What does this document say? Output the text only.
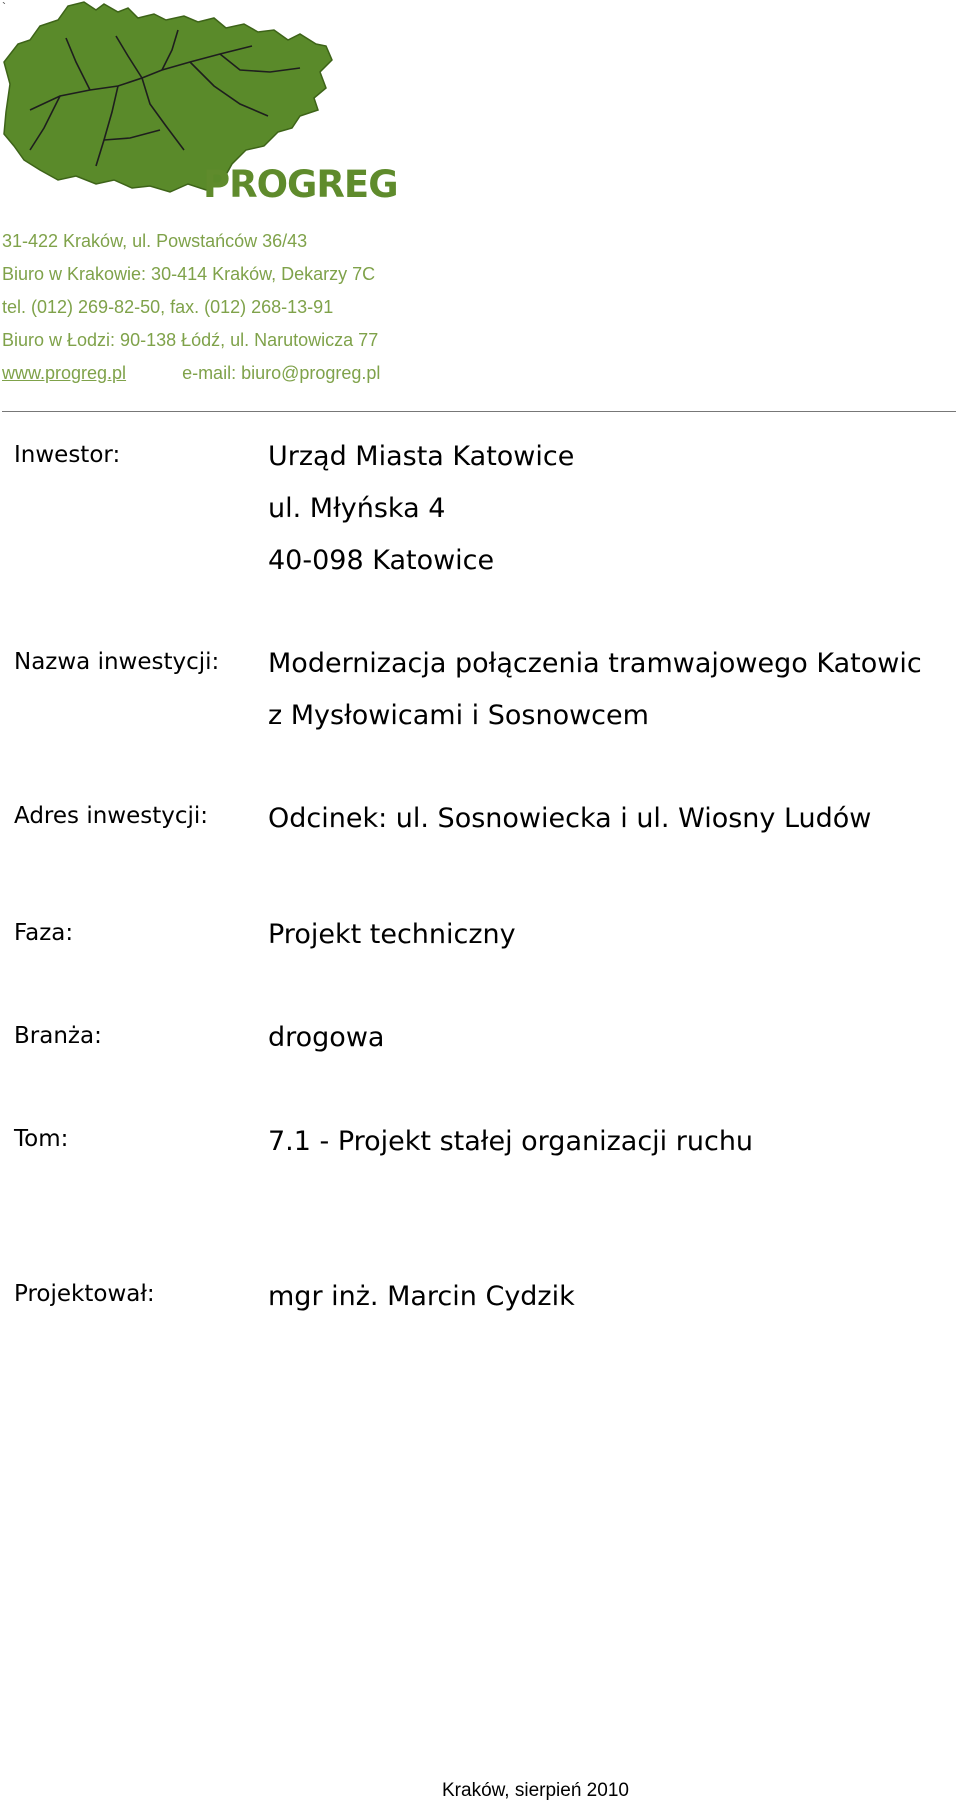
`
PROGREG
31-422 Kraków, ul. Powstańców 36/43
Biuro w Krakowie: 30-414 Kraków, Dekarzy 7C
tel. (012) 269-82-50, fax. (012) 268-13-91
Biuro w Łodzi: 90-138 Łódź, ul. Narutowicza 77
www.progreg.pl	e-mail: biuro@progreg.pl
Inwestor:	Urząd Miasta Katowice
ul. Młyńska 4
40-098 Katowice
Nazwa inwestycji: Modernizacja połączenia tramwajowego Katowic
z Mysłowicami i Sosnowcem
Adres inwestycji: Odcinek: ul. Sosnowiecka i ul. Wiosny Ludów
Faza:	Projekt techniczny
Branża:	drogowa
Tom:	7.1 - Projekt stałej organizacji ruchu
Projektował:	mgr inż. Marcin Cydzik
Kraków, sierpień 2010
